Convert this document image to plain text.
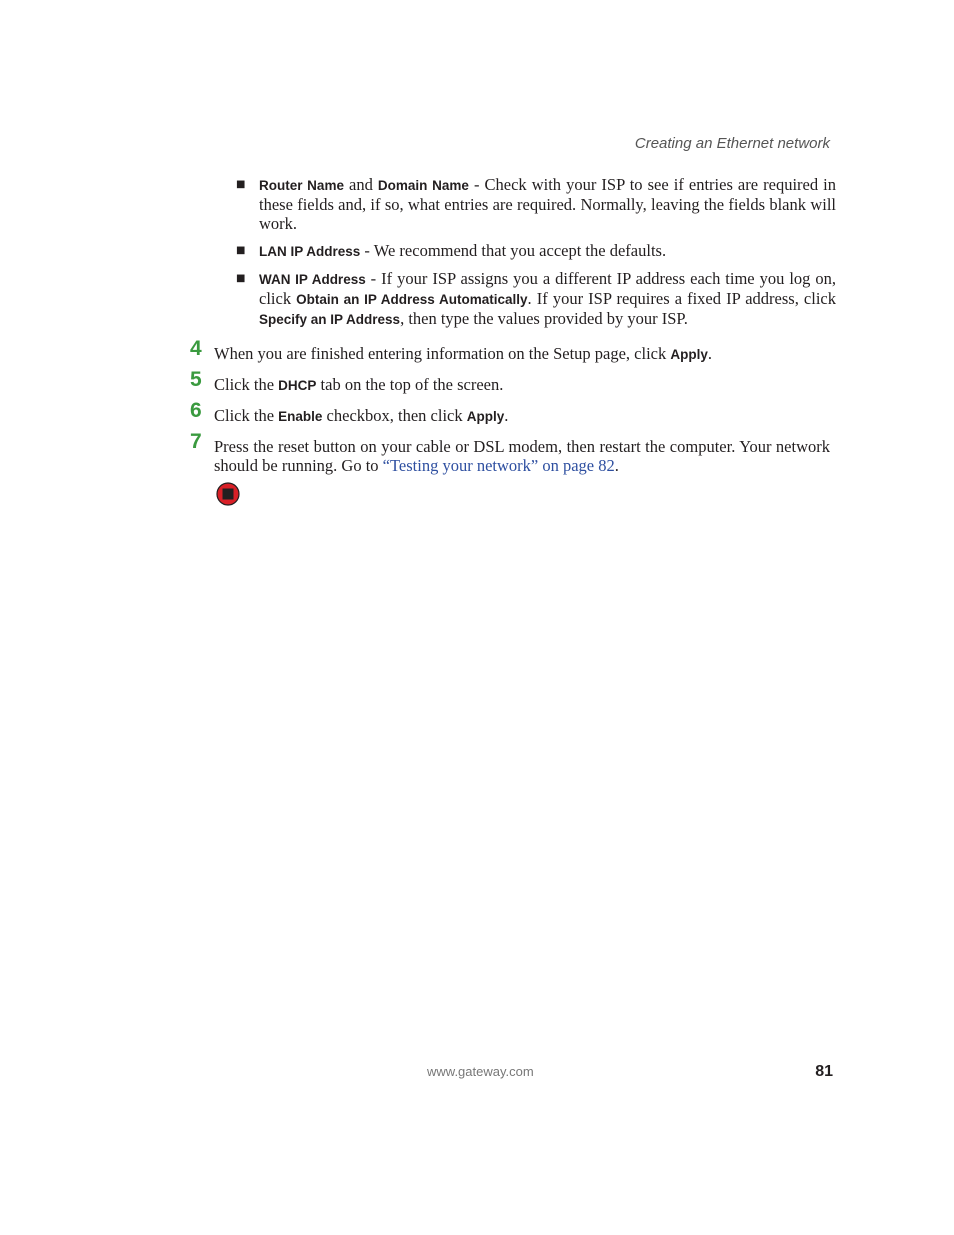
Creating an Ethernet network
■ Router Name and Domain Name - Check with your ISP to see if entries are required in these fields and, if so, what entries are required. Normally, leaving the fields blank will work.
■ LAN IP Address - We recommend that you accept the defaults.
■ WAN IP Address - If your ISP assigns you a different IP address each time you log on, click Obtain an IP Address Automatically. If your ISP requires a fixed IP address, click Specify an IP Address, then type the values provided by your ISP.
4 When you are finished entering information on the Setup page, click Apply.
5 Click the DHCP tab on the top of the screen.
6 Click the Enable checkbox, then click Apply.
7 Press the reset button on your cable or DSL modem, then restart the computer. Your network should be running. Go to “Testing your network” on page 82.
www.gateway.com	81
